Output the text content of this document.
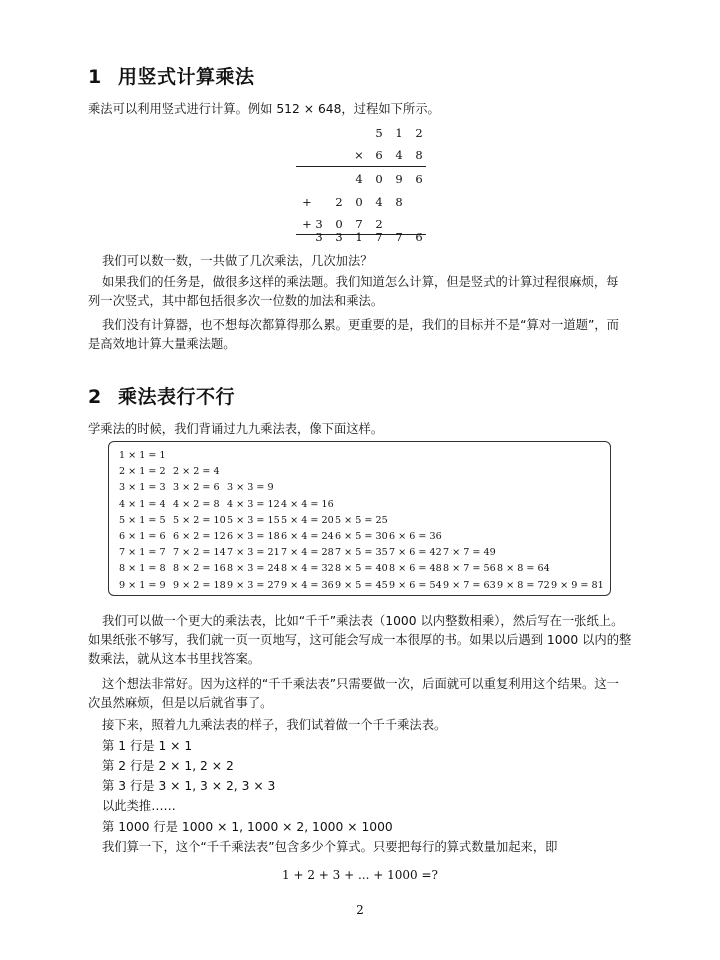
1 用竖式计算乘法
乘法可以利用竖式进行计算。例如 512 × 648，过程如下所示。
5 1 2
× 6 4 8
4 0 9 6
+ 2 0 4 8
+ 3 0 7 2
3 3 1 7 7 6
我们可以数一数，一共做了几次乘法，几次加法？
如果我们的任务是，做很多这样的乘法题。我们知道怎么计算，但是竖式的计算过程很麻烦，每列一次竖式，其中都包括很多次一位数的加法和乘法。
我们没有计算器，也不想每次都算得那么累。更重要的是，我们的目标并不是“算对一道题”，而是高效地计算大量乘法题。
2 乘法表行不行
学乘法的时候，我们背诵过九九乘法表，像下面这样。
1 × 1 = 1
2 × 1 = 2 2 × 2 = 4
3 × 1 = 3 3 × 2 = 6 3 × 3 = 9
4 × 1 = 4 4 × 2 = 8 4 × 3 = 12 4 × 4 = 16
5 × 1 = 5 5 × 2 = 10 5 × 3 = 15 5 × 4 = 20 5 × 5 = 25
6 × 1 = 6 6 × 2 = 12 6 × 3 = 18 6 × 4 = 24 6 × 5 = 30 6 × 6 = 36
7 × 1 = 7 7 × 2 = 14 7 × 3 = 21 7 × 4 = 28 7 × 5 = 35 7 × 6 = 42 7 × 7 = 49
8 × 1 = 8 8 × 2 = 16 8 × 3 = 24 8 × 4 = 32 8 × 5 = 40 8 × 6 = 48 8 × 7 = 56 8 × 8 = 64
9 × 1 = 9 9 × 2 = 18 9 × 3 = 27 9 × 4 = 36 9 × 5 = 45 9 × 6 = 54 9 × 7 = 63 9 × 8 = 72 9 × 9 = 81
我们可以做一个更大的乘法表，比如“千千”乘法表（1000 以内整数相乘），然后写在一张纸上。如果纸张不够写，我们就一页一页地写，这可能会写成一本很厚的书。如果以后遇到 1000 以内的整数乘法，就从这本书里找答案。
这个想法非常好。因为这样的“千千乘法表”只需要做一次，后面就可以重复利用这个结果。这一次虽然麻烦，但是以后就省事了。
接下来，照着九九乘法表的样子，我们试着做一个千千乘法表。
第 1 行是 1 × 1
第 2 行是 2 × 1, 2 × 2
第 3 行是 3 × 1, 3 × 2, 3 × 3
以此类推……
第 1000 行是 1000 × 1, 1000 × 2, 1000 × 1000
我们算一下，这个“千千乘法表”包含多少个算式。只要把每行的算式数量加起来，即
1 + 2 + 3 + ... + 1000 =?
2
